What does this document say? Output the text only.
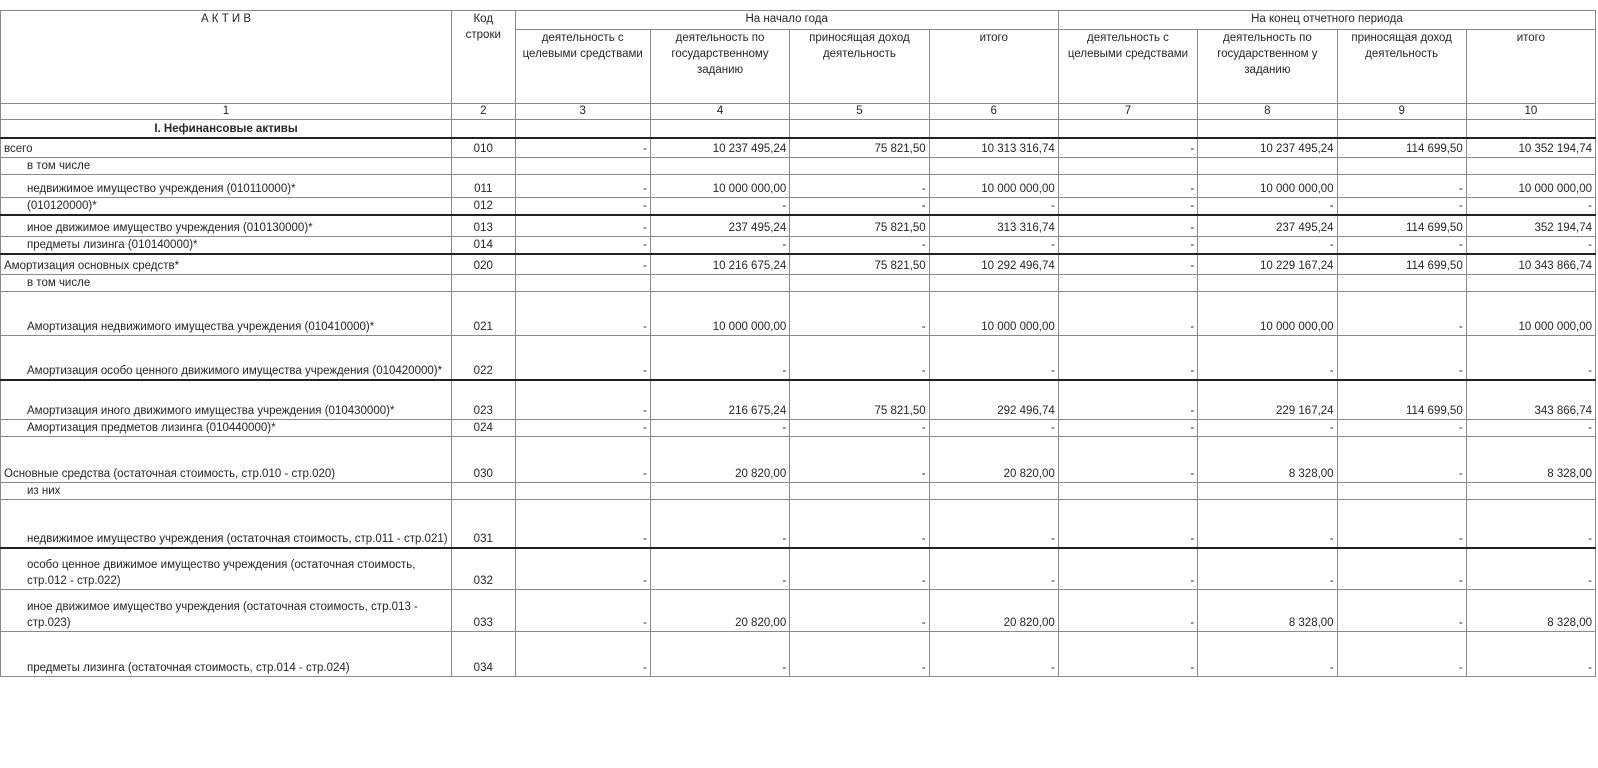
А К Т И В	Код строки	На начало года				На конец отчетного периода			
		деятельность с целевыми средствами	деятельность по государственному заданию	приносящая доход деятельность	итого	деятельность с целевыми средствами	деятельность по государственном у заданию	приносящая доход деятельность	итого
1	2	3	4	5	6	7	8	9	10
I. Нефинансовые активы									
всего	010	-	10 237 495,24	75 821,50	10 313 316,74	-	10 237 495,24	114 699,50	10 352 194,74
в том числе									
недвижимое имущество учреждения (010110000)*	011	-	10 000 000,00	-	10 000 000,00	-	10 000 000,00	-	10 000 000,00
(010120000)*	012	-	-	-	-	-	-	-	-
иное движимое имущество учреждения (010130000)*	013	-	237 495,24	75 821,50	313 316,74	-	237 495,24	114 699,50	352 194,74
предметы лизинга (010140000)*	014	-	-	-	-	-	-	-	-
Амортизация основных средств*	020	-	10 216 675,24	75 821,50	10 292 496,74	-	10 229 167,24	114 699,50	10 343 866,74
в том числе									
Амортизация недвижимого имущества учреждения (010410000)*	021	-	10 000 000,00	-	10 000 000,00	-	10 000 000,00	-	10 000 000,00
Амортизация особо ценного движимого имущества учреждения (010420000)*	022	-	-	-	-	-	-	-	-
Амортизация иного движимого имущества учреждения (010430000)*	023	-	216 675,24	75 821,50	292 496,74	-	229 167,24	114 699,50	343 866,74
Амортизация предметов лизинга (010440000)*	024	-	-	-	-	-	-	-	-
Основные средства (остаточная стоимость, стр.010 - стр.020)	030	-	20 820,00	-	20 820,00	-	8 328,00	-	8 328,00
из них									
недвижимое имущество учреждения (остаточная стоимость, стр.011 - стр.021)	031	-	-	-	-	-	-	-	-
особо ценное движимое имущество учреждения (остаточная стоимость, стр.012 - стр.022)	032	-	-	-	-	-	-	-	-
иное движимое имущество учреждения (остаточная стоимость, стр.013 - стр.023)	033	-	20 820,00	-	20 820,00	-	8 328,00	-	8 328,00
предметы лизинга (остаточная стоимость, стр.014 - стр.024)	034	-	-	-	-	-	-	-	-
